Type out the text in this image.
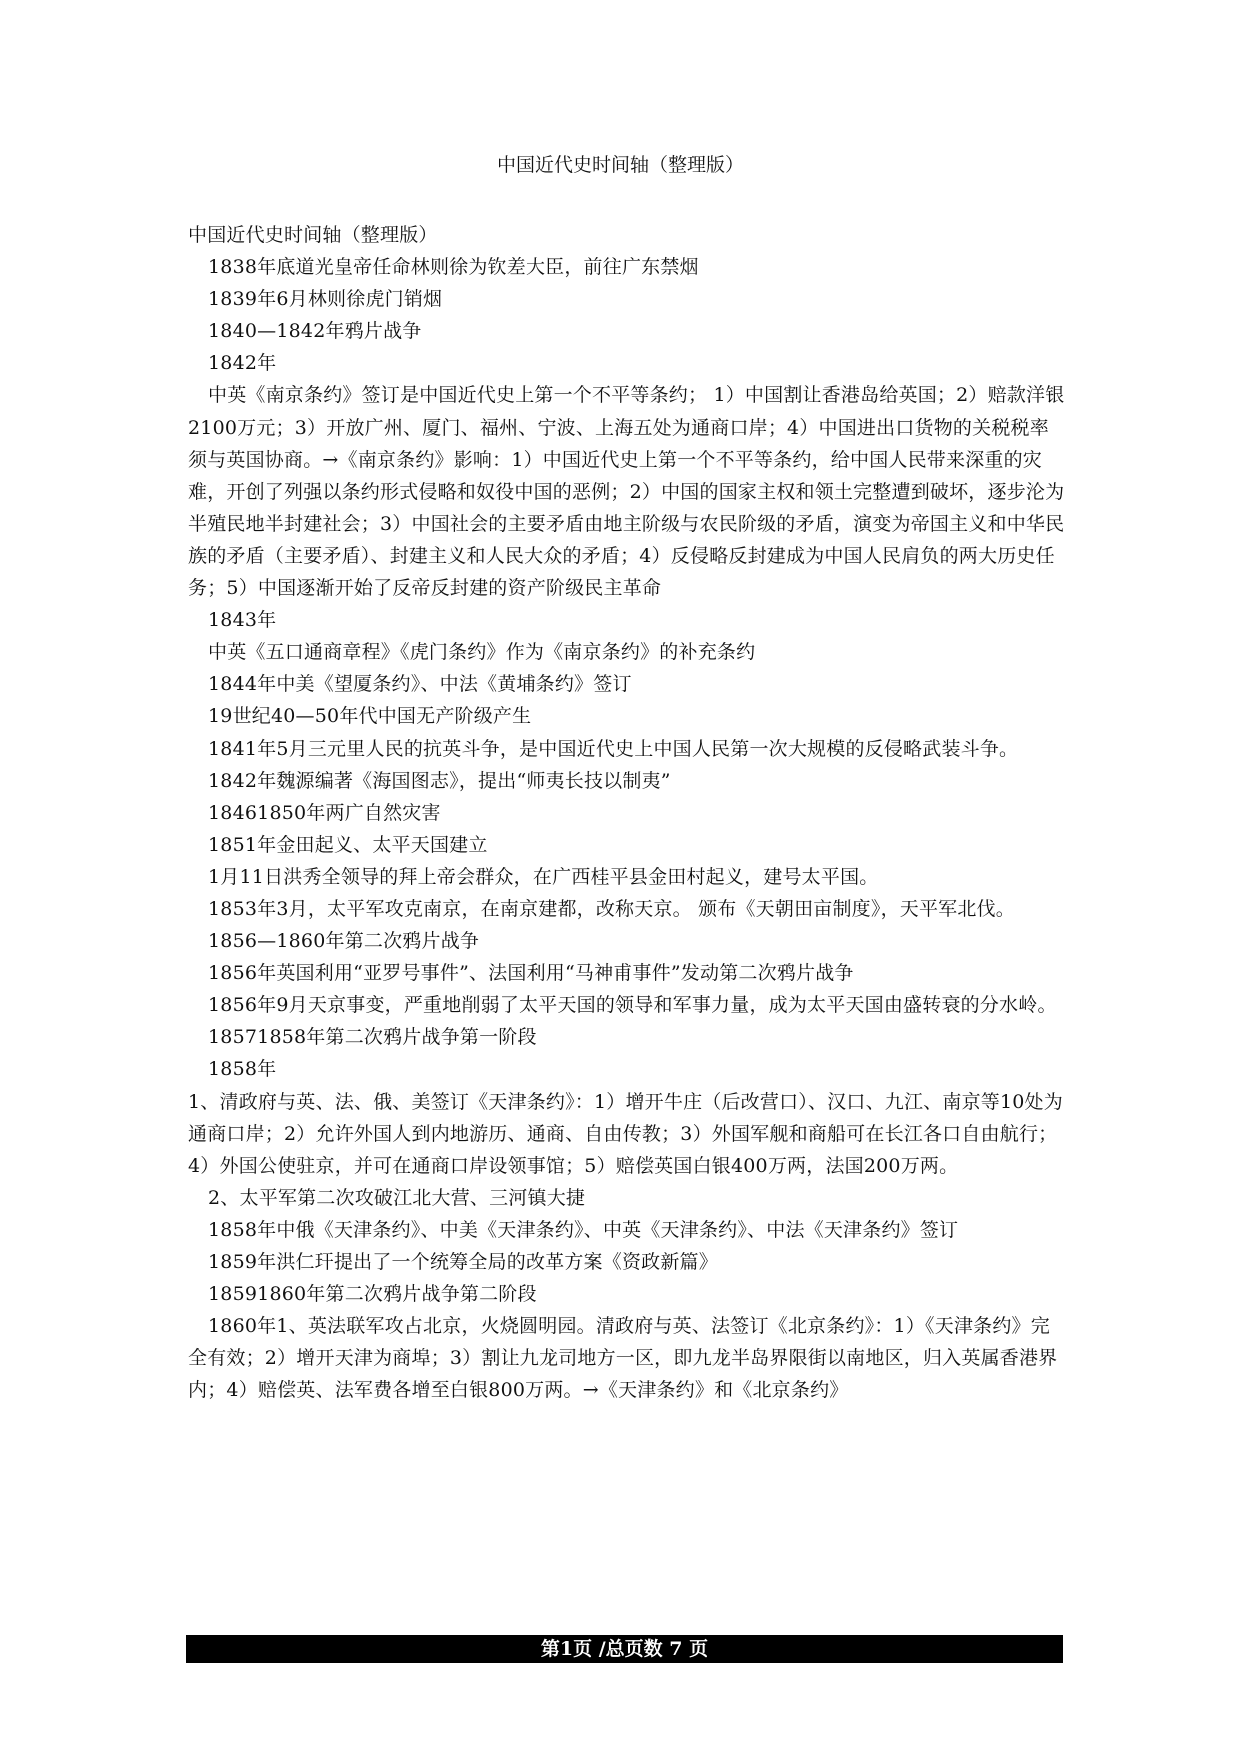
中国近代史时间轴（整理版）

中国近代史时间轴（整理版）

1838年底道光皇帝任命林则徐为钦差大臣，前往广东禁烟

1839年6月林则徐虎门销烟

1840—1842年鸦片战争

1842年

中英《南京条约》签订是中国近代史上第一个不平等条约； 1）中国割让香港岛给英国；2）赔款洋银2100万元；3）开放广州、厦门、福州、宁波、上海五处为通商口岸；4）中国进出口货物的关税税率须与英国协商。→《南京条约》影响：1）中国近代史上第一个不平等条约，给中国人民带来深重的灾难，开创了列强以条约形式侵略和奴役中国的恶例；2）中国的国家主权和领土完整遭到破坏，逐步沦为半殖民地半封建社会；3）中国社会的主要矛盾由地主阶级与农民阶级的矛盾，演变为帝国主义和中华民族的矛盾（主要矛盾）、封建主义和人民大众的矛盾；4）反侵略反封建成为中国人民肩负的两大历史任务；5）中国逐渐开始了反帝反封建的资产阶级民主革命

1843年

中英《五口通商章程》《虎门条约》作为《南京条约》的补充条约

1844年中美《望厦条约》、中法《黄埔条约》签订

19世纪40—50年代中国无产阶级产生

1841年5月三元里人民的抗英斗争，是中国近代史上中国人民第一次大规模的反侵略武装斗争。

1842年魏源编著《海国图志》，提出“师夷长技以制夷”

18461850年两广自然灾害

1851年金田起义、太平天国建立

1月11日洪秀全领导的拜上帝会群众，在广西桂平县金田村起义，建号太平国。

1853年3月，太平军攻克南京，在南京建都，改称天京。 颁布《天朝田亩制度》，天平军北伐。

1856—1860年第二次鸦片战争

1856年英国利用“亚罗号事件”、法国利用“马神甫事件”发动第二次鸦片战争

1856年9月天京事变，严重地削弱了太平天国的领导和军事力量，成为太平天国由盛转衰的分水岭。

18571858年第二次鸦片战争第一阶段

1858年

1、清政府与英、法、俄、美签订《天津条约》：1）增开牛庄（后改营口）、汉口、九江、南京等10处为通商口岸；2）允许外国人到内地游历、通商、自由传教；3）外国军舰和商船可在长江各口自由航行；4）外国公使驻京，并可在通商口岸设领事馆；5）赔偿英国白银400万两，法国200万两。

2、太平军第二次攻破江北大营、三河镇大捷

1858年中俄《天津条约》、中美《天津条约》、中英《天津条约》、中法《天津条约》签订

1859年洪仁玕提出了一个统筹全局的改革方案《资政新篇》

18591860年第二次鸦片战争第二阶段

1860年1、英法联军攻占北京，火烧圆明园。清政府与英、法签订《北京条约》：1）《天津条约》完全有效；2）增开天津为商埠；3）割让九龙司地方一区，即九龙半岛界限街以南地区，归入英属香港界内；4）赔偿英、法军费各增至白银800万两。→《天津条约》和《北京条约》

第1页 /总页数 7 页
